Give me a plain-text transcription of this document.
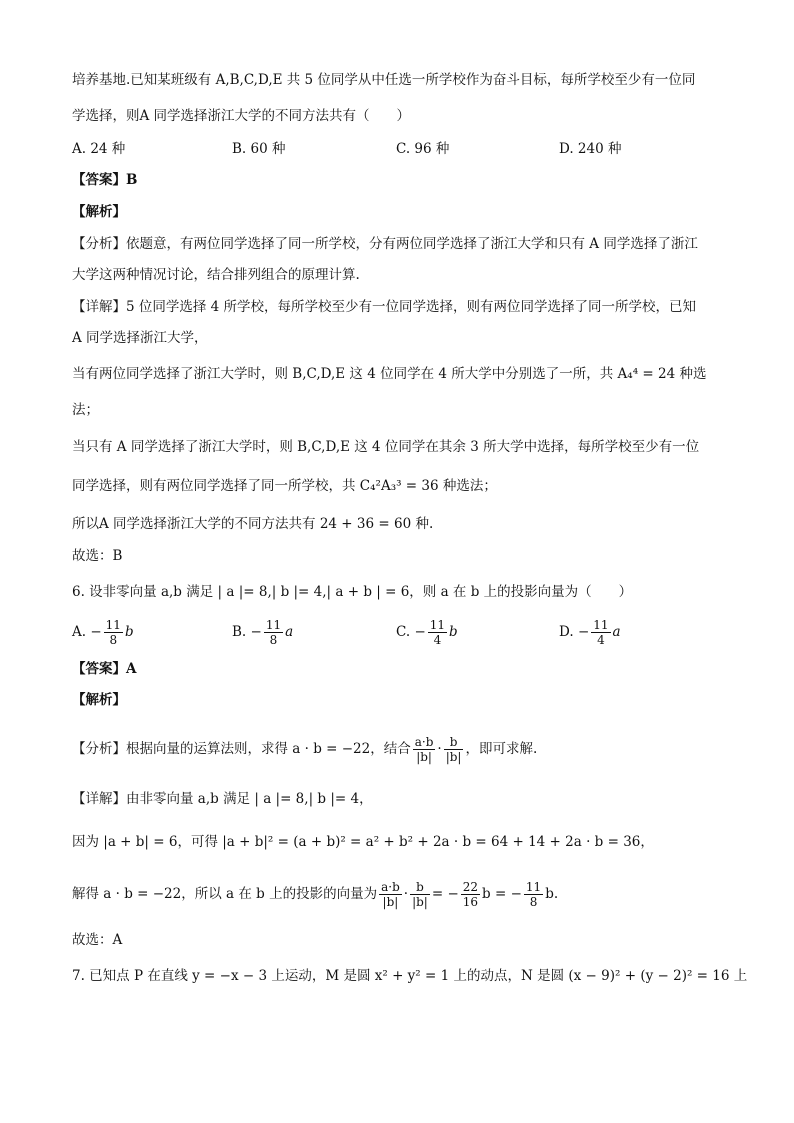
培养基地.已知某班级有 A,B,C,D,E 共 5 位同学从中任选一所学校作为奋斗目标，每所学校至少有一位同
学选择，则A 同学选择浙江大学的不同方法共有（　　）
A. 24 种	B. 60 种	C. 96 种	D. 240 种
【答案】B
【解析】
【分析】依题意，有两位同学选择了同一所学校，分有两位同学选择了浙江大学和只有 A 同学选择了浙江
大学这两种情况讨论，结合排列组合的原理计算.
【详解】5 位同学选择 4 所学校，每所学校至少有一位同学选择，则有两位同学选择了同一所学校，已知
A 同学选择浙江大学，
当有两位同学选择了浙江大学时，则 B,C,D,E 这 4 位同学在 4 所大学中分别选了一所，共 A₄⁴ = 24 种选
法；
当只有 A 同学选择了浙江大学时，则 B,C,D,E 这 4 位同学在其余 3 所大学中选择，每所学校至少有一位
同学选择，则有两位同学选择了同一所学校，共 C₄²A₃³ = 36 种选法；
所以A 同学选择浙江大学的不同方法共有 24 + 36 = 60 种.
故选：B
6. 设非零向量 a,b 满足 | a |= 8,| b |= 4,| a + b | = 6，则 a 在 b 上的投影向量为（　　）
A. − $\frac{11}{8}$ b	B. − $\frac{11}{8}$ a	C. − $\frac{11}{4}$ b	D. − $\frac{11}{4}$ a
【答案】A
【解析】
【分析】根据向量的运算法则，求得 a · b = −22，结合 $\frac{a\cdot b}{|b|} \cdot \frac{b}{|b|}$ ，即可求解.
【详解】由非零向量 a,b 满足 | a |= 8,| b |= 4，
因为 |a + b| = 6，可得 |a + b|² = (a + b)² = a² + b² + 2a · b = 64 + 14 + 2a · b = 36，
解得 a · b = −22，所以 a 在 b 上的投影的向量为 $\frac{a\cdot b}{|b|} \cdot \frac{b}{|b|}$ = − $\frac{22}{16}$ b = − $\frac{11}{8} b$.
故选：A
7. 已知点 P 在直线 y = −x − 3 上运动，M 是圆 x² + y² = 1 上的动点，N 是圆 (x − 9)² + (y − 2)² = 16 上
